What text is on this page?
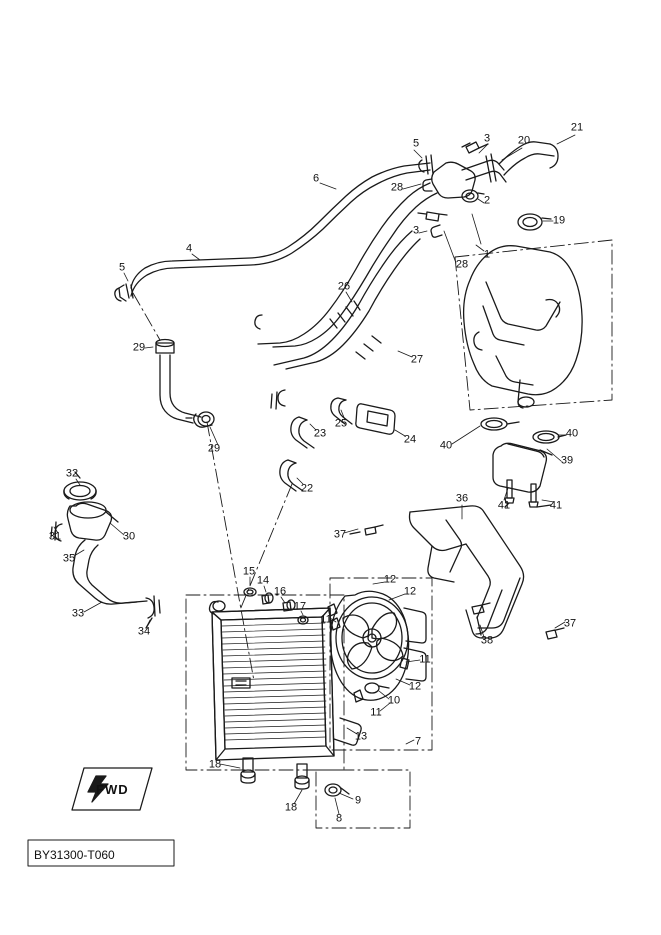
BY31300-T060
FWD
3	20
21
5
6
28
2
19
3
1
28
4
5
26
29
27
29
25
24
23
22
40
40
39
41	41
32
30
31
35
33
34
36
37
37
38
15
14
16
17
12
12
11
11
12
10
11
13	7
18
18
9
8
